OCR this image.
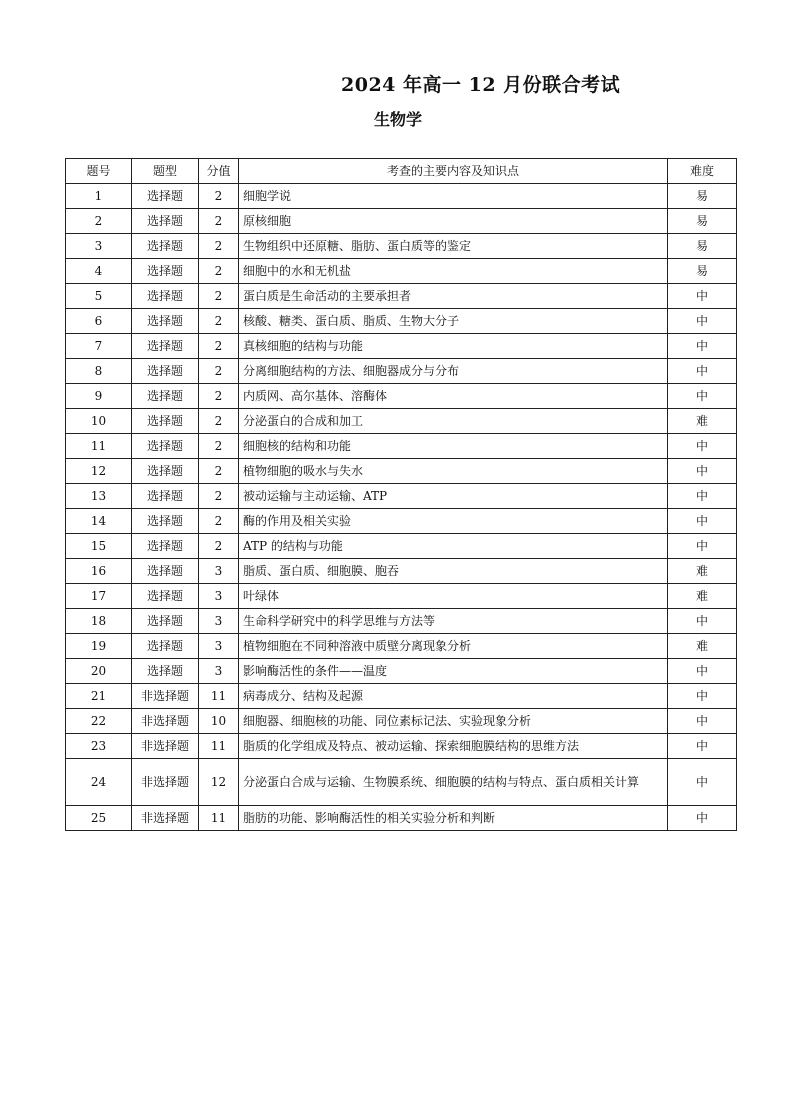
2024 年高一 12 月份联合考试
生物学
题号	题型	分值	考查的主要内容及知识点	难度
1	选择题	2	细胞学说	易
2	选择题	2	原核细胞	易
3	选择题	2	生物组织中还原糖、脂肪、蛋白质等的鉴定	易
4	选择题	2	细胞中的水和无机盐	易
5	选择题	2	蛋白质是生命活动的主要承担者	中
6	选择题	2	核酸、糖类、蛋白质、脂质、生物大分子	中
7	选择题	2	真核细胞的结构与功能	中
8	选择题	2	分离细胞结构的方法、细胞器成分与分布	中
9	选择题	2	内质网、高尔基体、溶酶体	中
10	选择题	2	分泌蛋白的合成和加工	难
11	选择题	2	细胞核的结构和功能	中
12	选择题	2	植物细胞的吸水与失水	中
13	选择题	2	被动运输与主动运输、ATP	中
14	选择题	2	酶的作用及相关实验	中
15	选择题	2	ATP 的结构与功能	中
16	选择题	3	脂质、蛋白质、细胞膜、胞吞	难
17	选择题	3	叶绿体	难
18	选择题	3	生命科学研究中的科学思维与方法等	中
19	选择题	3	植物细胞在不同种溶液中质壁分离现象分析	难
20	选择题	3	影响酶活性的条件——温度	中
21	非选择题	11	病毒成分、结构及起源	中
22	非选择题	10	细胞器、细胞核的功能、同位素标记法、实验现象分析	中
23	非选择题	11	脂质的化学组成及特点、被动运输、探索细胞膜结构的思维方法	中
24	非选择题	12	分泌蛋白合成与运输、生物膜系统、细胞膜的结构与特点、蛋白质相关计算	中
25	非选择题	11	脂肪的功能、影响酶活性的相关实验分析和判断	中
